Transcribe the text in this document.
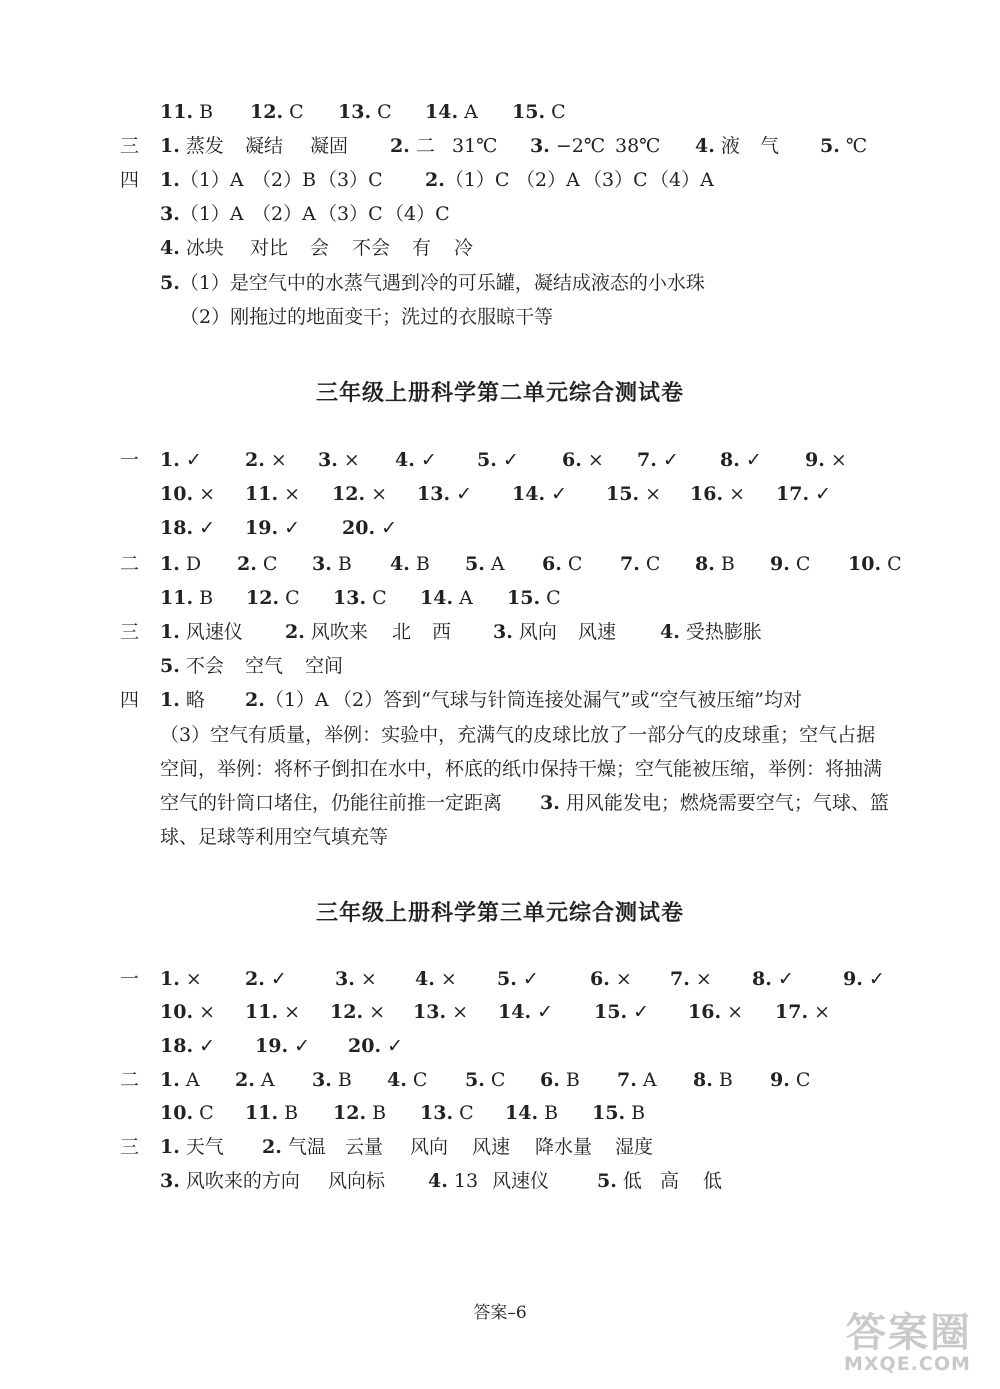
11. B 12. C 13. C 14. A 15. C
三 1. 蒸发 凝结 凝固 2. 二 31℃ 3. −2℃ 38℃ 4. 液 气 5. ℃
四 1.（1）A （2）B （3）C 2.（1）C （2）A （3）C （4）A
3.（1）A （2）A （3）C （4）C
4. 冰块 对比 会 不会 有 冷
5.（1）是空气中的水蒸气遇到冷的可乐罐，凝结成液态的小水珠
（2）刚拖过的地面变干；洗过的衣服晾干等
三年级上册科学第二单元综合测试卷
一 1. ✓ 2. × 3. × 4. ✓ 5. ✓ 6. × 7. ✓ 8. ✓ 9. ×
10. × 11. × 12. × 13. ✓ 14. ✓ 15. × 16. × 17. ✓
18. ✓ 19. ✓ 20. ✓
二 1. D 2. C 3. B 4. B 5. A 6. C 7. C 8. B 9. C 10. C
11. B 12. C 13. C 14. A 15. C
三 1. 风速仪 2. 风吹来 北 西 3. 风向 风速 4. 受热膨胀
5. 不会 空气 空间
四 1. 略 2.（1）A （2）答到“气球与针筒连接处漏气”或“空气被压缩”均对
（3）空气有质量，举例：实验中，充满气的皮球比放了一部分气的皮球重；空气占据空间，举例：将杯子倒扣在水中，杯底的纸巾保持干燥；空气能被压缩，举例：将抽满空气的针筒口堵住，仍能往前推一定距离　　3. 用风能发电；燃烧需要空气；气球、篮球、足球等利用空气填充等
三年级上册科学第三单元综合测试卷
一 1. × 2. ✓	3. × 4. × 5. ✓	6. × 7. × 8. ✓	9. ✓
10. × 11. × 12. × 13. × 14. ✓ 15. ✓ 16. × 17. ×
18. ✓ 19. ✓ 20. ✓
二 1. A 2. A 3. B 4. C 5. C 6. B 7. A 8. B 9. C
10. C 11. B 12. B 13. C 14. B 15. B
三 1. 天气 2. 气温 云量 风向 风速 降水量 湿度
3. 风吹来的方向 风向标 4. 13 风速仪	5. 低 高 低
答案–6	答案圈
MXQE.COM
